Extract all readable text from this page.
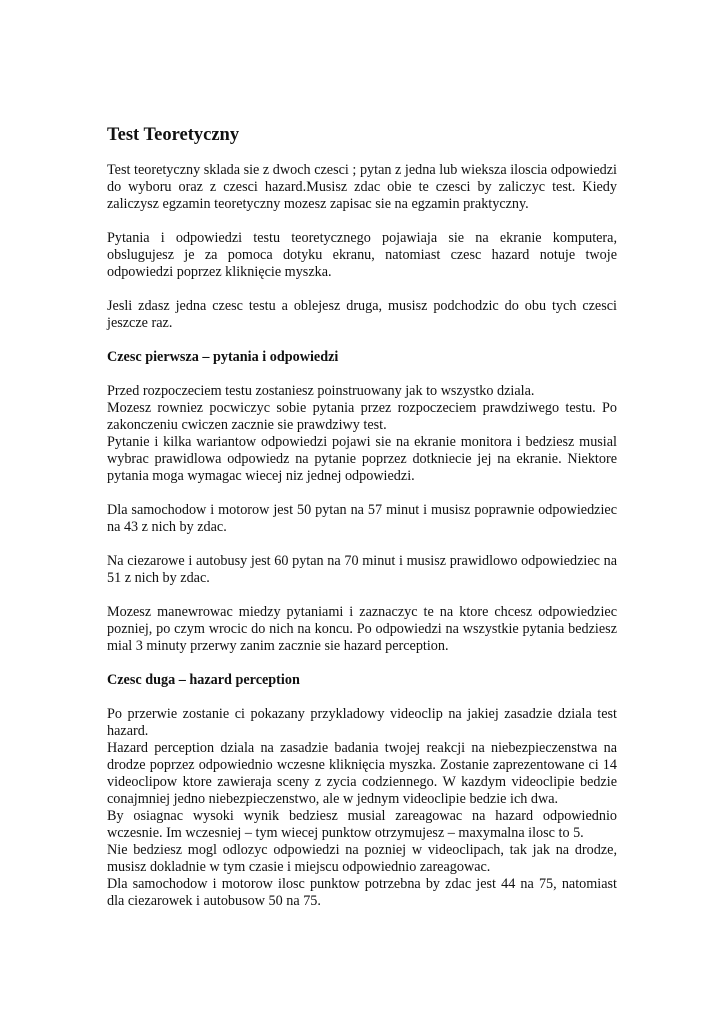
Test Teoretyczny

Test teoretyczny sklada sie z dwoch czesci ; pytan z jedna lub wieksza iloscia odpowiedzi do wyboru oraz z czesci hazard.Musisz zdac obie te czesci by zaliczyc test. Kiedy zaliczysz egzamin teoretyczny mozesz zapisac sie na egzamin praktyczny.

Pytania i odpowiedzi testu teoretycznego pojawiaja sie na ekranie komputera, obslugujesz je za pomoca dotyku ekranu, natomiast czesc hazard notuje twoje odpowiedzi poprzez kliknięcie myszka.

Jesli zdasz jedna czesc testu a oblejesz druga, musisz podchodzic do obu tych czesci jeszcze raz.

Czesc pierwsza – pytania i odpowiedzi

Przed rozpoczeciem testu zostaniesz poinstruowany jak to wszystko dziala.
Mozesz rowniez pocwiczyc sobie pytania przez rozpoczeciem prawdziwego testu. Po zakonczeniu cwiczen zacznie sie prawdziwy test.
Pytanie i kilka wariantow odpowiedzi pojawi sie na ekranie monitora i bedziesz musial wybrac prawidlowa odpowiedz na pytanie poprzez dotkniecie jej na ekranie. Niektore pytania moga wymagac wiecej niz jednej odpowiedzi.

Dla samochodow i motorow jest 50 pytan na 57 minut i musisz poprawnie odpowiedziec na 43 z nich by zdac.

Na ciezarowe i autobusy jest 60 pytan na 70 minut i musisz prawidlowo odpowiedziec na 51 z nich by zdac.

Mozesz manewrowac miedzy pytaniami i zaznaczyc te na ktore chcesz odpowiedziec pozniej, po czym wrocic do nich na koncu. Po odpowiedzi na wszystkie pytania bedziesz mial 3 minuty przerwy zanim zacznie sie hazard perception.

Czesc duga – hazard perception

Po przerwie zostanie ci pokazany przykladowy videoclip na jakiej zasadzie dziala test hazard.
Hazard perception dziala na zasadzie badania twojej reakcji na niebezpieczenstwa na drodze poprzez odpowiednio wczesne kliknięcia myszka. Zostanie zaprezentowane ci 14 videoclipow ktore zawieraja sceny z zycia codziennego. W kazdym videoclipie bedzie conajmniej jedno niebezpieczenstwo, ale w jednym videoclipie bedzie ich dwa.
By osiagnac wysoki wynik bedziesz musial zareagowac na hazard odpowiednio wczesnie. Im wczesniej – tym wiecej punktow otrzymujesz – maxymalna ilosc to 5.
Nie bedziesz mogl odlozyc odpowiedzi na pozniej w videoclipach, tak jak na drodze, musisz dokladnie w tym czasie i miejscu odpowiednio zareagowac.
Dla samochodow i motorow ilosc punktow potrzebna by zdac jest 44 na 75, natomiast dla ciezarowek i autobusow 50 na 75.
